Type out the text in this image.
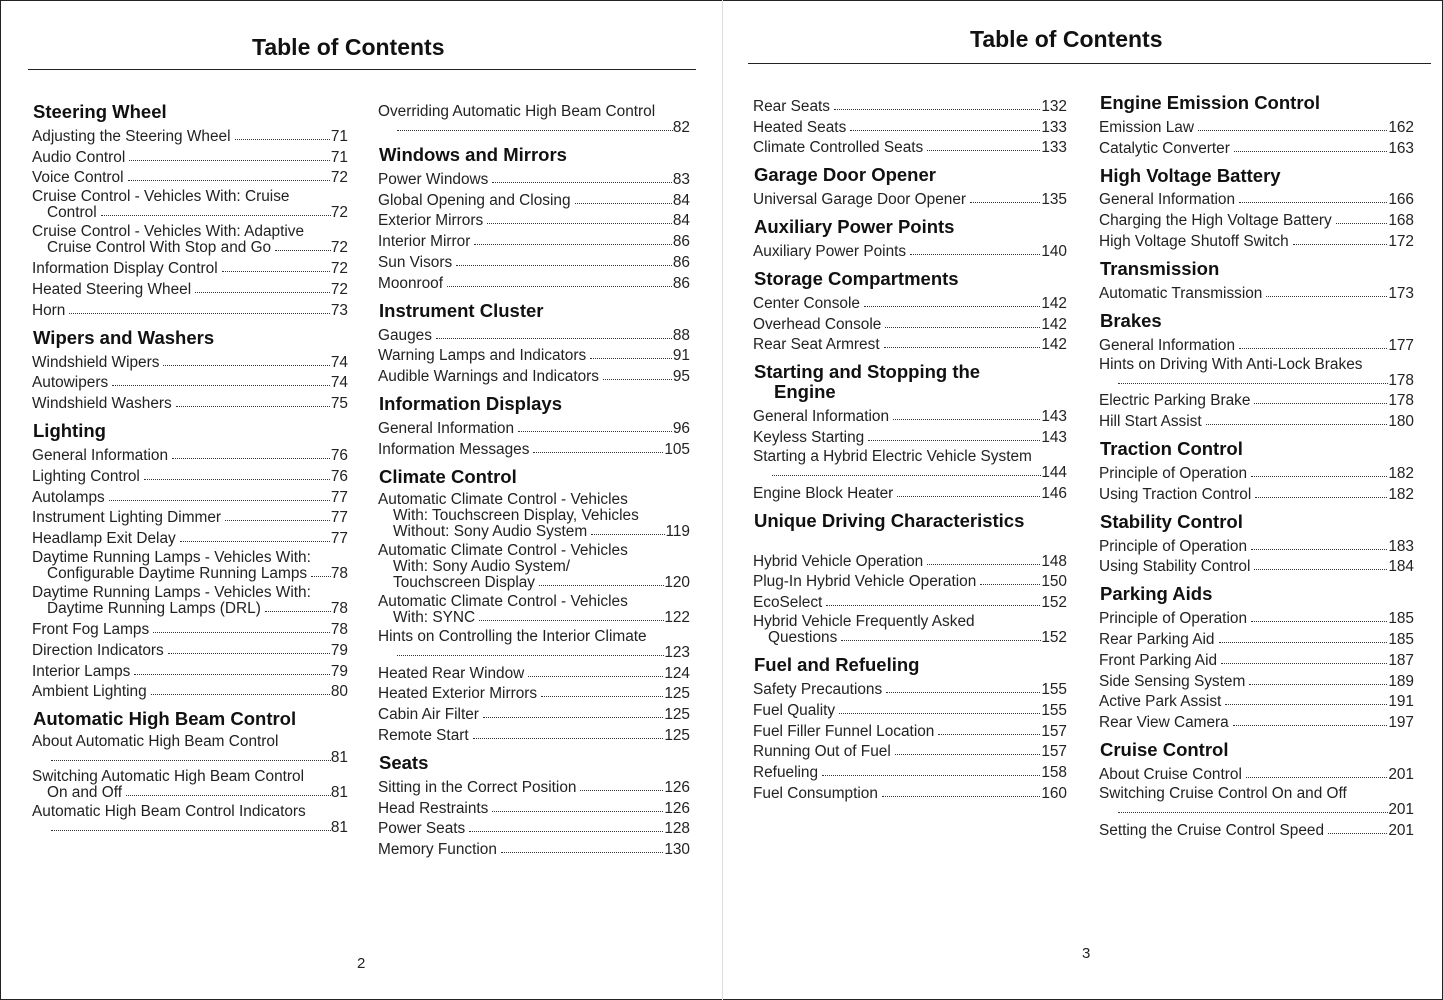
Table of Contents
Steering Wheel
Adjusting the Steering Wheel	71
Audio Control	71
Voice Control	72
Cruise Control - Vehicles With: Cruise
Control	72
Cruise Control - Vehicles With: Adaptive
Cruise Control With Stop and Go	72
Information Display Control	72
Heated Steering Wheel	72
Horn	73
Wipers and Washers
Windshield Wipers	74
Autowipers	74
Windshield Washers	75
Lighting
General Information	76
Lighting Control	76
Autolamps	77
Instrument Lighting Dimmer	77
Headlamp Exit Delay	77
Daytime Running Lamps - Vehicles With:
Configurable Daytime Running Lamps 78
Daytime Running Lamps - Vehicles With:
Daytime Running Lamps (DRL)	78
Front Fog Lamps	78
Direction Indicators	79
Interior Lamps	79
Ambient Lighting	80
Automatic High Beam Control
About Automatic High Beam Control
81
Switching Automatic High Beam Control
On and Off	81
Automatic High Beam Control Indicators
81
Overriding Automatic High Beam Control
82
Windows and Mirrors
Power Windows	83
Global Opening and Closing	84
Exterior Mirrors	84
Interior Mirror	86
Sun Visors	86
Moonroof	86
Instrument Cluster
Gauges	88
Warning Lamps and Indicators	91
Audible Warnings and Indicators	95
Information Displays
General Information	96
Information Messages	105
Climate Control
Automatic Climate Control - Vehicles
With: Touchscreen Display, Vehicles
Without: Sony Audio System	119
Automatic Climate Control - Vehicles
With: Sony Audio System/
Touchscreen Display	120
Automatic Climate Control - Vehicles
With: SYNC	122
Hints on Controlling the Interior Climate
123
Heated Rear Window	124
Heated Exterior Mirrors	125
Cabin Air Filter	125
Remote Start	125
Seats
Sitting in the Correct Position	126
Head Restraints	126
Power Seats	128
Memory Function	130
2
Table of Contents
Rear Seats	132
Heated Seats	133
Climate Controlled Seats	133
Garage Door Opener
Universal Garage Door Opener	135
Auxiliary Power Points
Auxiliary Power Points	140
Storage Compartments
Center Console	142
Overhead Console	142
Rear Seat Armrest	142
Starting and Stopping the
Engine
General Information	143
Keyless Starting	143
Starting a Hybrid Electric Vehicle System
144
Engine Block Heater	146
Unique Driving Characteristics
Hybrid Vehicle Operation	148
Plug-In Hybrid Vehicle Operation	150
EcoSelect	152
Hybrid Vehicle Frequently Asked
Questions	152
Fuel and Refueling
Safety Precautions	155
Fuel Quality	155
Fuel Filler Funnel Location	157
Running Out of Fuel	157
Refueling	158
Fuel Consumption	160
Engine Emission Control
Emission Law	162
Catalytic Converter	163
High Voltage Battery
General Information	166
Charging the High Voltage Battery	168
High Voltage Shutoff Switch	172
Transmission
Automatic Transmission	173
Brakes
General Information	177
Hints on Driving With Anti-Lock Brakes
178
Electric Parking Brake	178
Hill Start Assist	180
Traction Control
Principle of Operation	182
Using Traction Control	182
Stability Control
Principle of Operation	183
Using Stability Control	184
Parking Aids
Principle of Operation	185
Rear Parking Aid	185
Front Parking Aid	187
Side Sensing System	189
Active Park Assist	191
Rear View Camera	197
Cruise Control
About Cruise Control	201
Switching Cruise Control On and Off
201
Setting the Cruise Control Speed	201
3
